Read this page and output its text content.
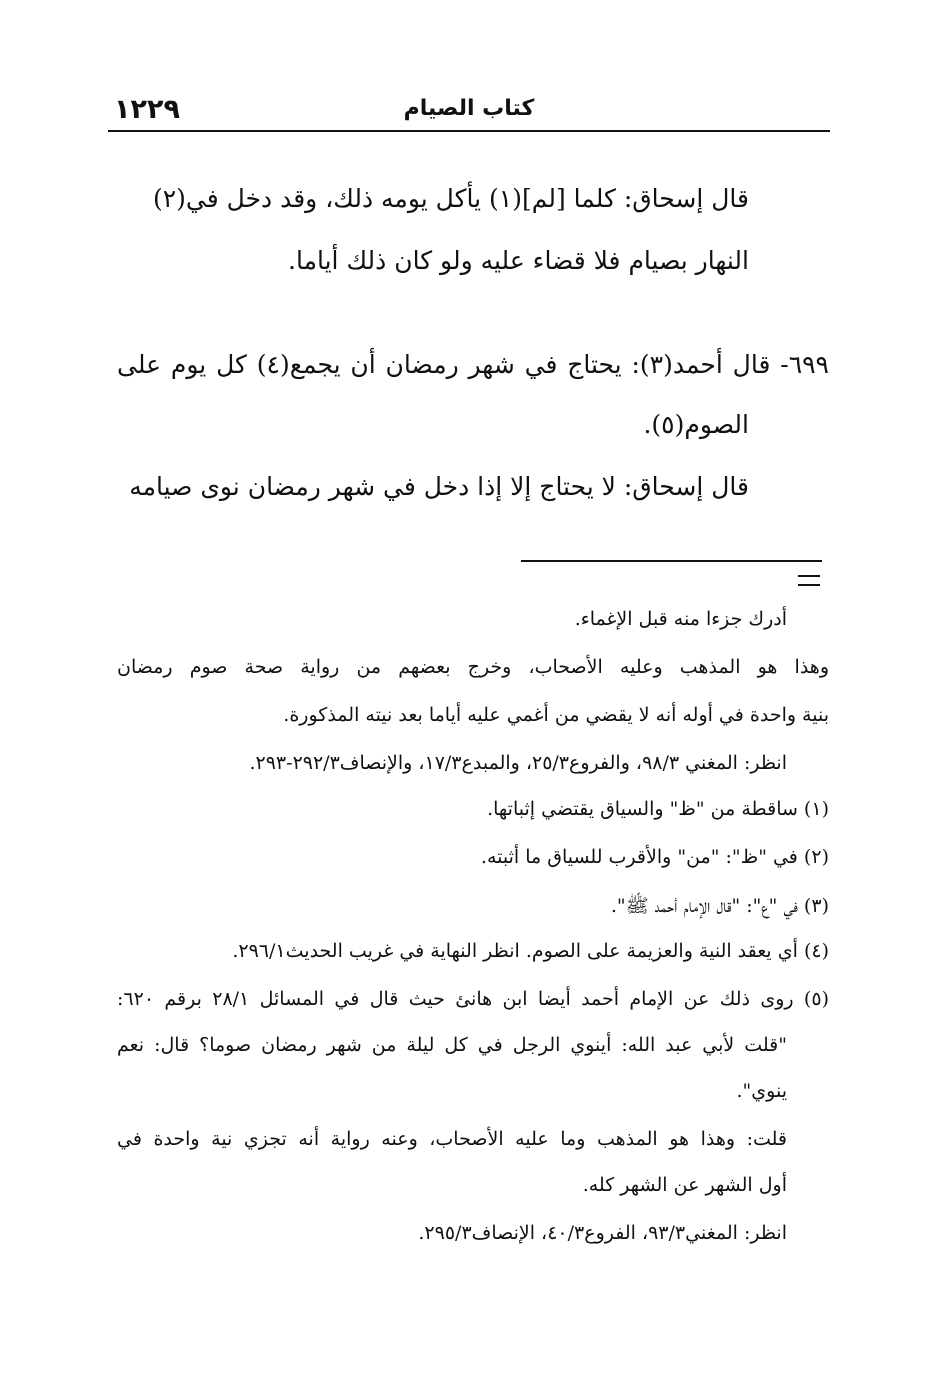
١٢٢٩	كتاب الصيام
قال إسحاق: كلما [لم](١) يأكل يومه ذلك، وقد دخل في(٢)
النهار بصيام فلا قضاء عليه ولو كان ذلك أياما.
٦٩٩- قال أحمد(٣): يحتاج في شهر رمضان أن يجمع(٤) كل يوم على
الصوم(٥).
قال إسحاق: لا يحتاج إلا إذا دخل في شهر رمضان نوى صيامه
أدرك جزءا منه قبل الإغماء.
وهذا هو المذهب وعليه الأصحاب، وخرج بعضهم من رواية صحة صوم رمضان
بنية واحدة في أوله أنه لا يقضي من أغمي عليه أياما بعد نيته المذكورة.
انظر: المغني ٩٨/٣، والفروع٢٥/٣، والمبدع١٧/٣، والإنصاف٢٩٢/٣-٢٩٣.
(١) ساقطة من "ظ" والسياق يقتضي إثباتها.
(٢) في "ظ": "من" والأقرب للسياق ما أثبته.
(٣) في "ع": "قال الإمام أحمد ﷺ".
(٤) أي يعقد النية والعزيمة على الصوم. انظر النهاية في غريب الحديث٢٩٦/١.
(٥) روى ذلك عن الإمام أحمد أيضا ابن هانئ حيث قال في المسائل ٢٨/١ برقم ٦٢٠:
"قلت لأبي عبد الله: أينوي الرجل في كل ليلة من شهر رمضان صوما؟ قال: نعم
ينوي".
قلت: وهذا هو المذهب وما عليه الأصحاب، وعنه رواية أنه تجزي نية واحدة في
أول الشهر عن الشهر كله.
انظر: المغني٩٣/٣، الفروع٤٠/٣، الإنصاف٢٩٥/٣.
